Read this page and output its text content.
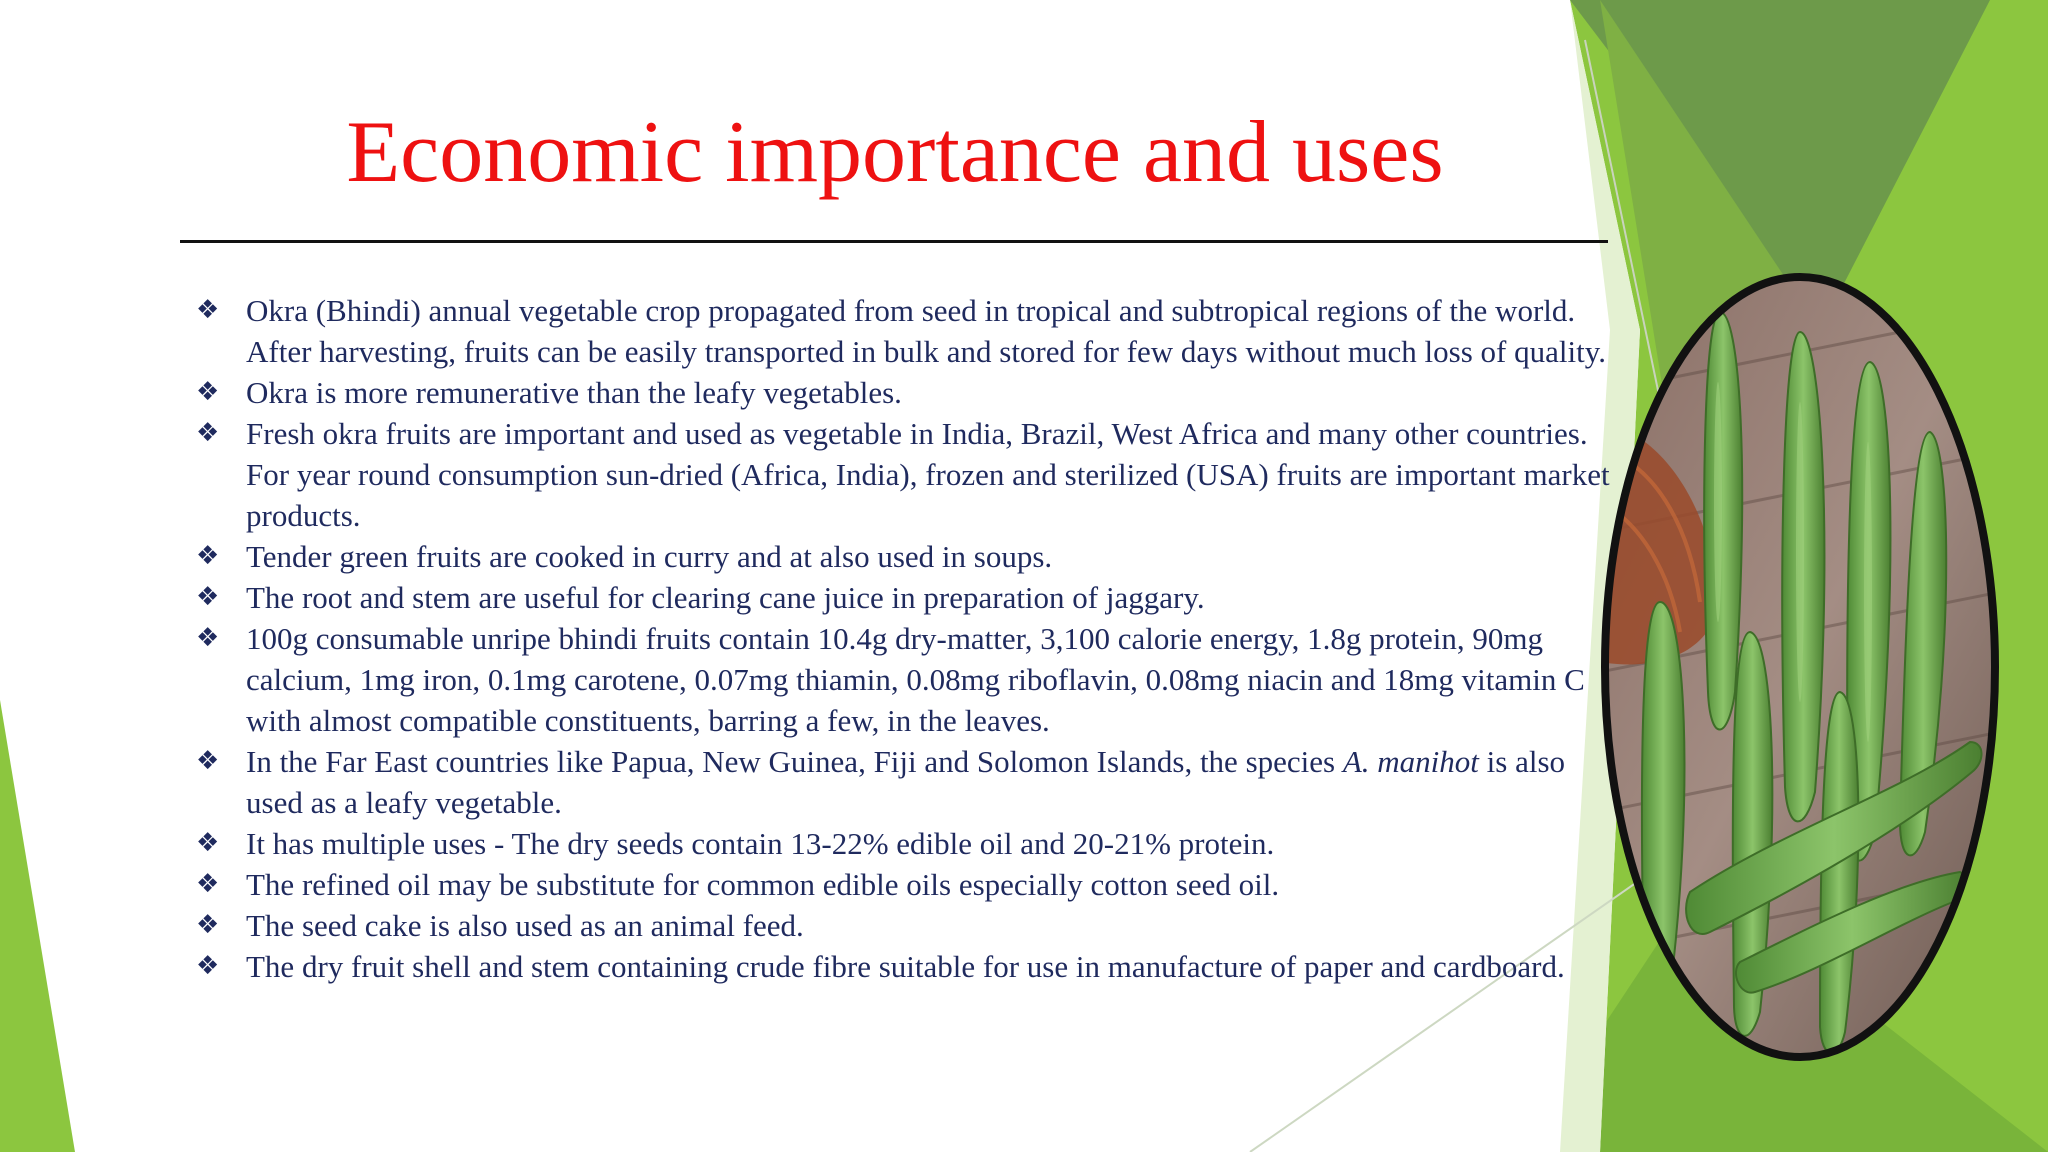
Economic importance and uses
❖ Okra (Bhindi) annual vegetable crop propagated from seed in tropical and subtropical regions of the world. After harvesting, fruits can be easily transported in bulk and stored for few days without much loss of quality.
❖ Okra is more remunerative than the leafy vegetables.
❖ Fresh okra fruits are important and used as vegetable in India, Brazil, West Africa and many other countries. For year round consumption sun-dried (Africa, India), frozen and sterilized (USA) fruits are important market products.
❖ Tender green fruits are cooked in curry and at also used in soups.
❖ The root and stem are useful for clearing cane juice in preparation of jaggary.
❖ 100g consumable unripe bhindi fruits contain 10.4g dry-matter, 3,100 calorie energy, 1.8g protein, 90mg calcium, 1mg iron, 0.1mg carotene, 0.07mg thiamin, 0.08mg riboflavin, 0.08mg niacin and 18mg vitamin C with almost compatible constituents, barring a few, in the leaves.
❖ In the Far East countries like Papua, New Guinea, Fiji and Solomon Islands, the species A. manihot is also used as a leafy vegetable.
❖ It has multiple uses - The dry seeds contain 13-22% edible oil and 20-21% protein.
❖ The refined oil may be substitute for common edible oils especially cotton seed oil.
❖ The seed cake is also used as an animal feed.
❖ The dry fruit shell and stem containing crude fibre suitable for use in manufacture of paper and cardboard.
